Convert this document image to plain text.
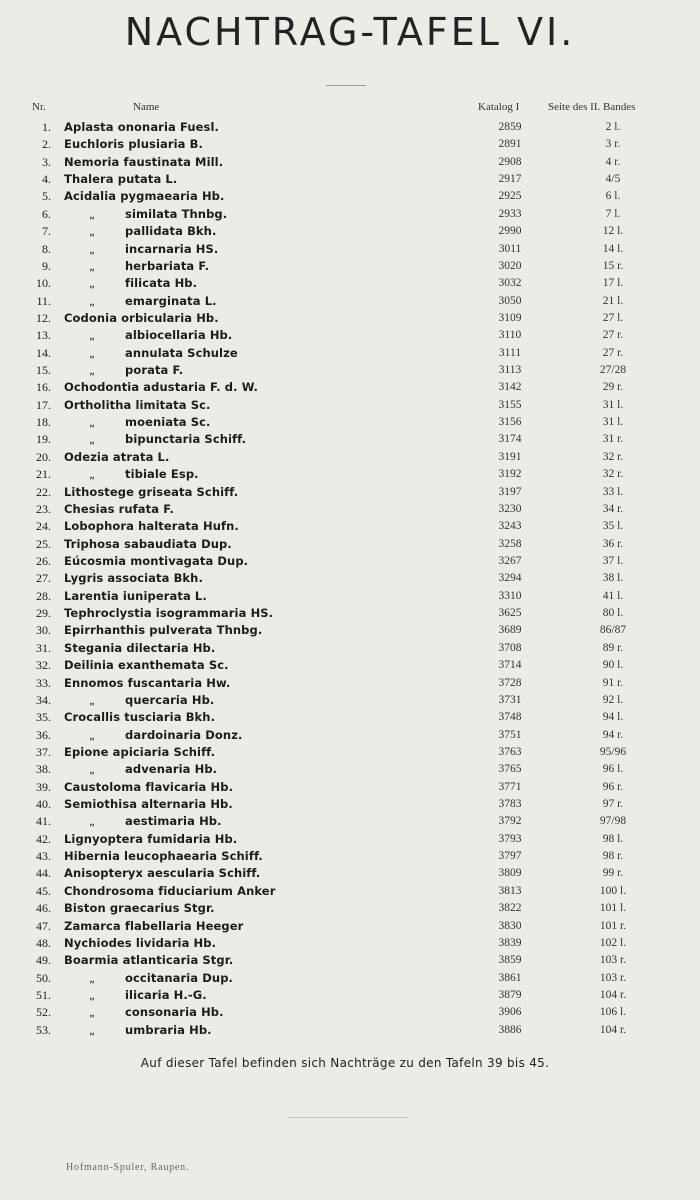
NACHTRAG-TAFEL VI.
Nr.	Name	Katalog I	Seite des II. Bandes
1. Aplasta ononaria Fuesl.	2859	2 l.
2. Euchloris plusiaria B.	2891	3 r.
3. Nemoria faustinata Mill.	2908	4 r.
4. Thalera putata L.	2917	4/5
5. Acidalia pygmaearia Hb.	2925	6 l.
6.	„	similata Thnbg.	2933	7 l.
7.	„	pallidata Bkh.	2990	12 l.
8.	„	incarnaria HS.	3011	14 l.
9.	„	herbariata F.	3020	15 r.
10.	„	filicata Hb.	3032	17 l.
11.	„	emarginata L.	3050	21 l.
12. Codonia orbicularia Hb.	3109	27 l.
13.	„	albiocellaria Hb.	3110	27 r.
14.	„	annulata Schulze	3111	27 r.
15.	„	porata F.	3113	27/28
16. Ochodontia adustaria F. d. W.	3142	29 r.
17. Ortholitha limitata Sc.	3155	31 l.
18.	„	moeniata Sc.	3156	31 l.
19.	„	bipunctaria Schiff.	3174	31 r.
20. Odezia atrata L.	3191	32 r.
21.	„	tibiale Esp.	3192	32 r.
22. Lithostege griseata Schiff.	3197	33 l.
23. Chesias rufata F.	3230	34 r.
24. Lobophora halterata Hufn.	3243	35 l.
25. Triphosa sabaudiata Dup.	3258	36 r.
26. Eúcosmia montivagata Dup.	3267	37 l.
27. Lygris associata Bkh.	3294	38 l.
28. Larentia iuniperata L.	3310	41 l.
29. Tephroclystia isogrammaria HS.	3625	80 l.
30. Epirrhanthis pulverata Thnbg.	3689	86/87
31. Stegania dilectaria Hb.	3708	89 r.
32. Deilinia exanthemata Sc.	3714	90 l.
33. Ennomos fuscantaria Hw.	3728	91 r.
34.	„	quercaria Hb.	3731	92 l.
35. Crocallis tusciaria Bkh.	3748	94 l.
36.	„	dardoinaria Donz.	3751	94 r.
37. Epione apiciaria Schiff.	3763	95/96
38.	„	advenaria Hb.	3765	96 l.
39. Caustoloma flavicaria Hb.	3771	96 r.
40. Semiothisa alternaria Hb.	3783	97 r.
41.	„	aestimaria Hb.	3792	97/98
42. Lignyoptera fumidaria Hb.	3793	98 l.
43. Hibernia leucophaearia Schiff.	3797	98 r.
44. Anisopteryx aescularia Schiff.	3809	99 r.
45. Chondrosoma fiduciarium Anker	3813	100 l.
46. Biston graecarius Stgr.	3822	101 l.
47. Zamarca flabellaria Heeger	3830	101 r.
48. Nychiodes lividaria Hb.	3839	102 l.
49. Boarmia atlanticaria Stgr.	3859	103 r.
50.	„	occitanaria Dup.	3861	103 r.
51.	„	ilicaria H.-G.	3879	104 r.
52.	„	consonaria Hb.	3906	106 l.
53.	„	umbraria Hb.	3886	104 r.
Auf dieser Tafel befinden sich Nachträge zu den Tafeln 39 bis 45.
Hofmann-Spuler, Raupen.
